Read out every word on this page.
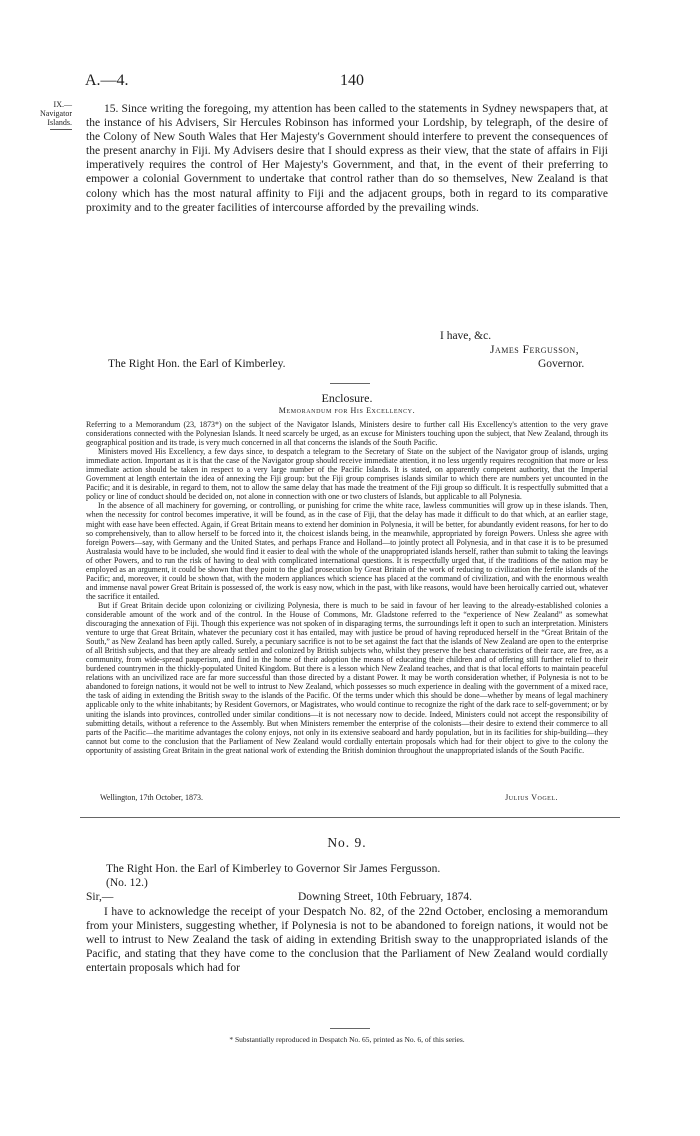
A.—4.	140
IX.—Navigator Islands.

15. Since writing the foregoing, my attention has been called to the statements in Sydney newspapers that, at the instance of his Advisers, Sir Hercules Robinson has informed your Lordship, by telegraph, of the desire of the Colony of New South Wales that Her Majesty's Government should interfere to prevent the consequences of the present anarchy in Fiji. My Advisers desire that I should express as their view, that the state of affairs in Fiji imperatively requires the control of Her Majesty's Government, and that, in the event of their preferring to empower a colonial Government to undertake that control rather than do so themselves, New Zealand is that colony which has the most natural affinity to Fiji and the adjacent groups, both in regard to its comparative proximity and to the greater facilities of intercourse afforded by the prevailing winds.

I have, &c.
James Fergusson,
The Right Hon. the Earl of Kimberley.	Governor.
Enclosure.
Memorandum for His Excellency.

Referring to a Memorandum (23, 1873*) on the subject of the Navigator Islands, Ministers desire to further call His Excellency's attention to the very grave considerations connected with the Polynesian Islands. It need scarcely be urged, as an excuse for Ministers touching upon the subject, that New Zealand, through its geographical position and its trade, is very much concerned in all that concerns the islands of the South Pacific.

Ministers moved His Excellency, a few days since, to despatch a telegram to the Secretary of State on the subject of the Navigator group of islands, urging immediate action. Important as it is that the case of the Navigator group should receive immediate attention, it no less urgently requires recognition that more or less immediate action should be taken in respect to a very large number of the Pacific Islands. It is stated, on apparently competent authority, that the Imperial Government at length entertain the idea of annexing the Fiji group: but the Fiji group comprises islands similar to which there are numbers yet uncounted in the Pacific; and it is desirable, in regard to them, not to allow the same delay that has made the treatment of the Fiji group so difficult. It is respectfully submitted that a policy or line of conduct should be decided on, not alone in connection with one or two clusters of Islands, but applicable to all Polynesia.

In the absence of all machinery for governing, or controlling, or punishing for crime the white race, lawless communities will grow up in these islands. Then, when the necessity for control becomes imperative, it will be found, as in the case of Fiji, that the delay has made it difficult to do that which, at an earlier stage, might with ease have been effected. Again, if Great Britain means to extend her dominion in Polynesia, it will be better, for abundantly evident reasons, for her to do so comprehensively, than to allow herself to be forced into it, the choicest islands being, in the meanwhile, appropriated by foreign Powers. Unless she agree with foreign Powers—say, with Germany and the United States, and perhaps France and Holland—to jointly protect all Polynesia, and in that case it is to be presumed Australasia would have to be included, she would find it easier to deal with the whole of the unappropriated islands herself, rather than submit to taking the leavings of other Powers, and to run the risk of having to deal with complicated international questions. It is respectfully urged that, if the traditions of the nation may be employed as an argument, it could be shown that they point to the glad prosecution by Great Britain of the work of reducing to civilization the fertile islands of the Pacific; and, moreover, it could be shown that, with the modern appliances which science has placed at the command of civilization, and with the enormous wealth and immense naval power Great Britain is possessed of, the work is easy now, which in the past, with like reasons, would have been heroically carried out, whatever the sacrifice it entailed.

But if Great Britain decide upon colonizing or civilizing Polynesia, there is much to be said in favour of her leaving to the already-established colonies a considerable amount of the work and of the control. In the House of Commons, Mr. Gladstone referred to the “experience of New Zealand” as somewhat discouraging the annexation of Fiji. Though this experience was not spoken of in disparaging terms, the surroundings left it open to such an interpretation. Ministers venture to urge that Great Britain, whatever the pecuniary cost it has entailed, may with justice be proud of having reproduced herself in the “Great Britain of the South,” as New Zealand has been aptly called. Surely, a pecuniary sacrifice is not to be set against the fact that the islands of New Zealand are open to the enterprise of all British subjects, and that they are already settled and colonized by British subjects who, whilst they preserve the best characteristics of their race, are free, as a community, from wide-spread pauperism, and find in the home of their adoption the means of educating their children and of offering still further relief to their burdened countrymen in the thickly-populated United Kingdom. But there is a lesson which New Zealand teaches, and that is that local efforts to maintain peaceful relations with an uncivilized race are far more successful than those directed by a distant Power. It may be worth consideration whether, if Polynesia is not to be abandoned to foreign nations, it would not be well to intrust to New Zealand, which possesses so much experience in dealing with the government of a mixed race, the task of aiding in extending the British sway to the islands of the Pacific. Of the terms under which this should be done—whether by means of legal machinery applicable only to the white inhabitants; by Resident Governors, or Magistrates, who would continue to recognize the right of the dark race to self-government; or by uniting the islands into provinces, controlled under similar conditions—it is not necessary now to decide. Indeed, Ministers could not accept the responsibility of submitting details, without a reference to the Assembly. But when Ministers remember the enterprise of the colonists—their desire to extend their commerce to all parts of the Pacific—the maritime advantages the colony enjoys, not only in its extensive seaboard and hardy population, but in its facilities for ship-building—they cannot but come to the conclusion that the Parliament of New Zealand would cordially entertain proposals which had for their object to give to the colony the opportunity of assisting Great Britain in the great national work of extending the British dominion throughout the unappropriated islands of the South Pacific.

Wellington, 17th October, 1873.	Julius Vogel.
No. 9.
The Right Hon. the Earl of Kimberley to Governor Sir James Fergusson.
(No. 12.)
Sir,—	Downing Street, 10th February, 1874.

I have to acknowledge the receipt of your Despatch No. 82, of the 22nd October, enclosing a memorandum from your Ministers, suggesting whether, if Polynesia is not to be abandoned to foreign nations, it would not be well to intrust to New Zealand the task of aiding in extending British sway to the unappropriated islands of the Pacific, and stating that they have come to the conclusion that the Parliament of New Zealand would cordially entertain proposals which had for

* Substantially reproduced in Despatch No. 65, printed as No. 6, of this series.
